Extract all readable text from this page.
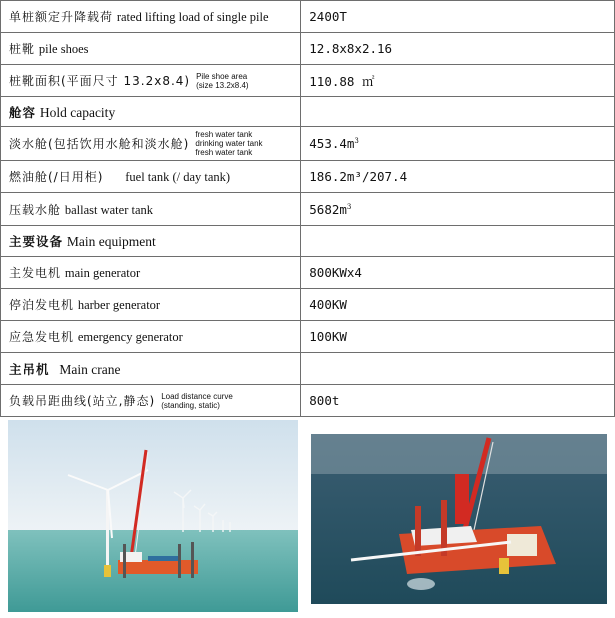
单桩额定升降载荷 rated lifting load of single pile	2400T
桩靴 pile shoes	12.8x8x2.16

桩靴面积(平面尺寸 13.2x8.4) Pile shoe area
(size 13.2x8.4)	110.88 ㎡
舱容 Hold capacity	

淡水舱(包括饮用水舱和淡水舱)
fresh water tank
drinking water tank
fresh water tank	$453.4m^3$
燃油舱(/日用柜) fuel tank (/ day tank)	186.2m³/207.4
压载水舱 ballast water tank	$5682m^3$
主要设备 Main equipment	
主发电机 main generator	800KWx4
停泊发电机 harber generator	400KW
应急发电机 emergency generator	100KW
主吊机 Main crane	

负载吊距曲线(站立,静态) Load distance curve
(standing, static)	800t
